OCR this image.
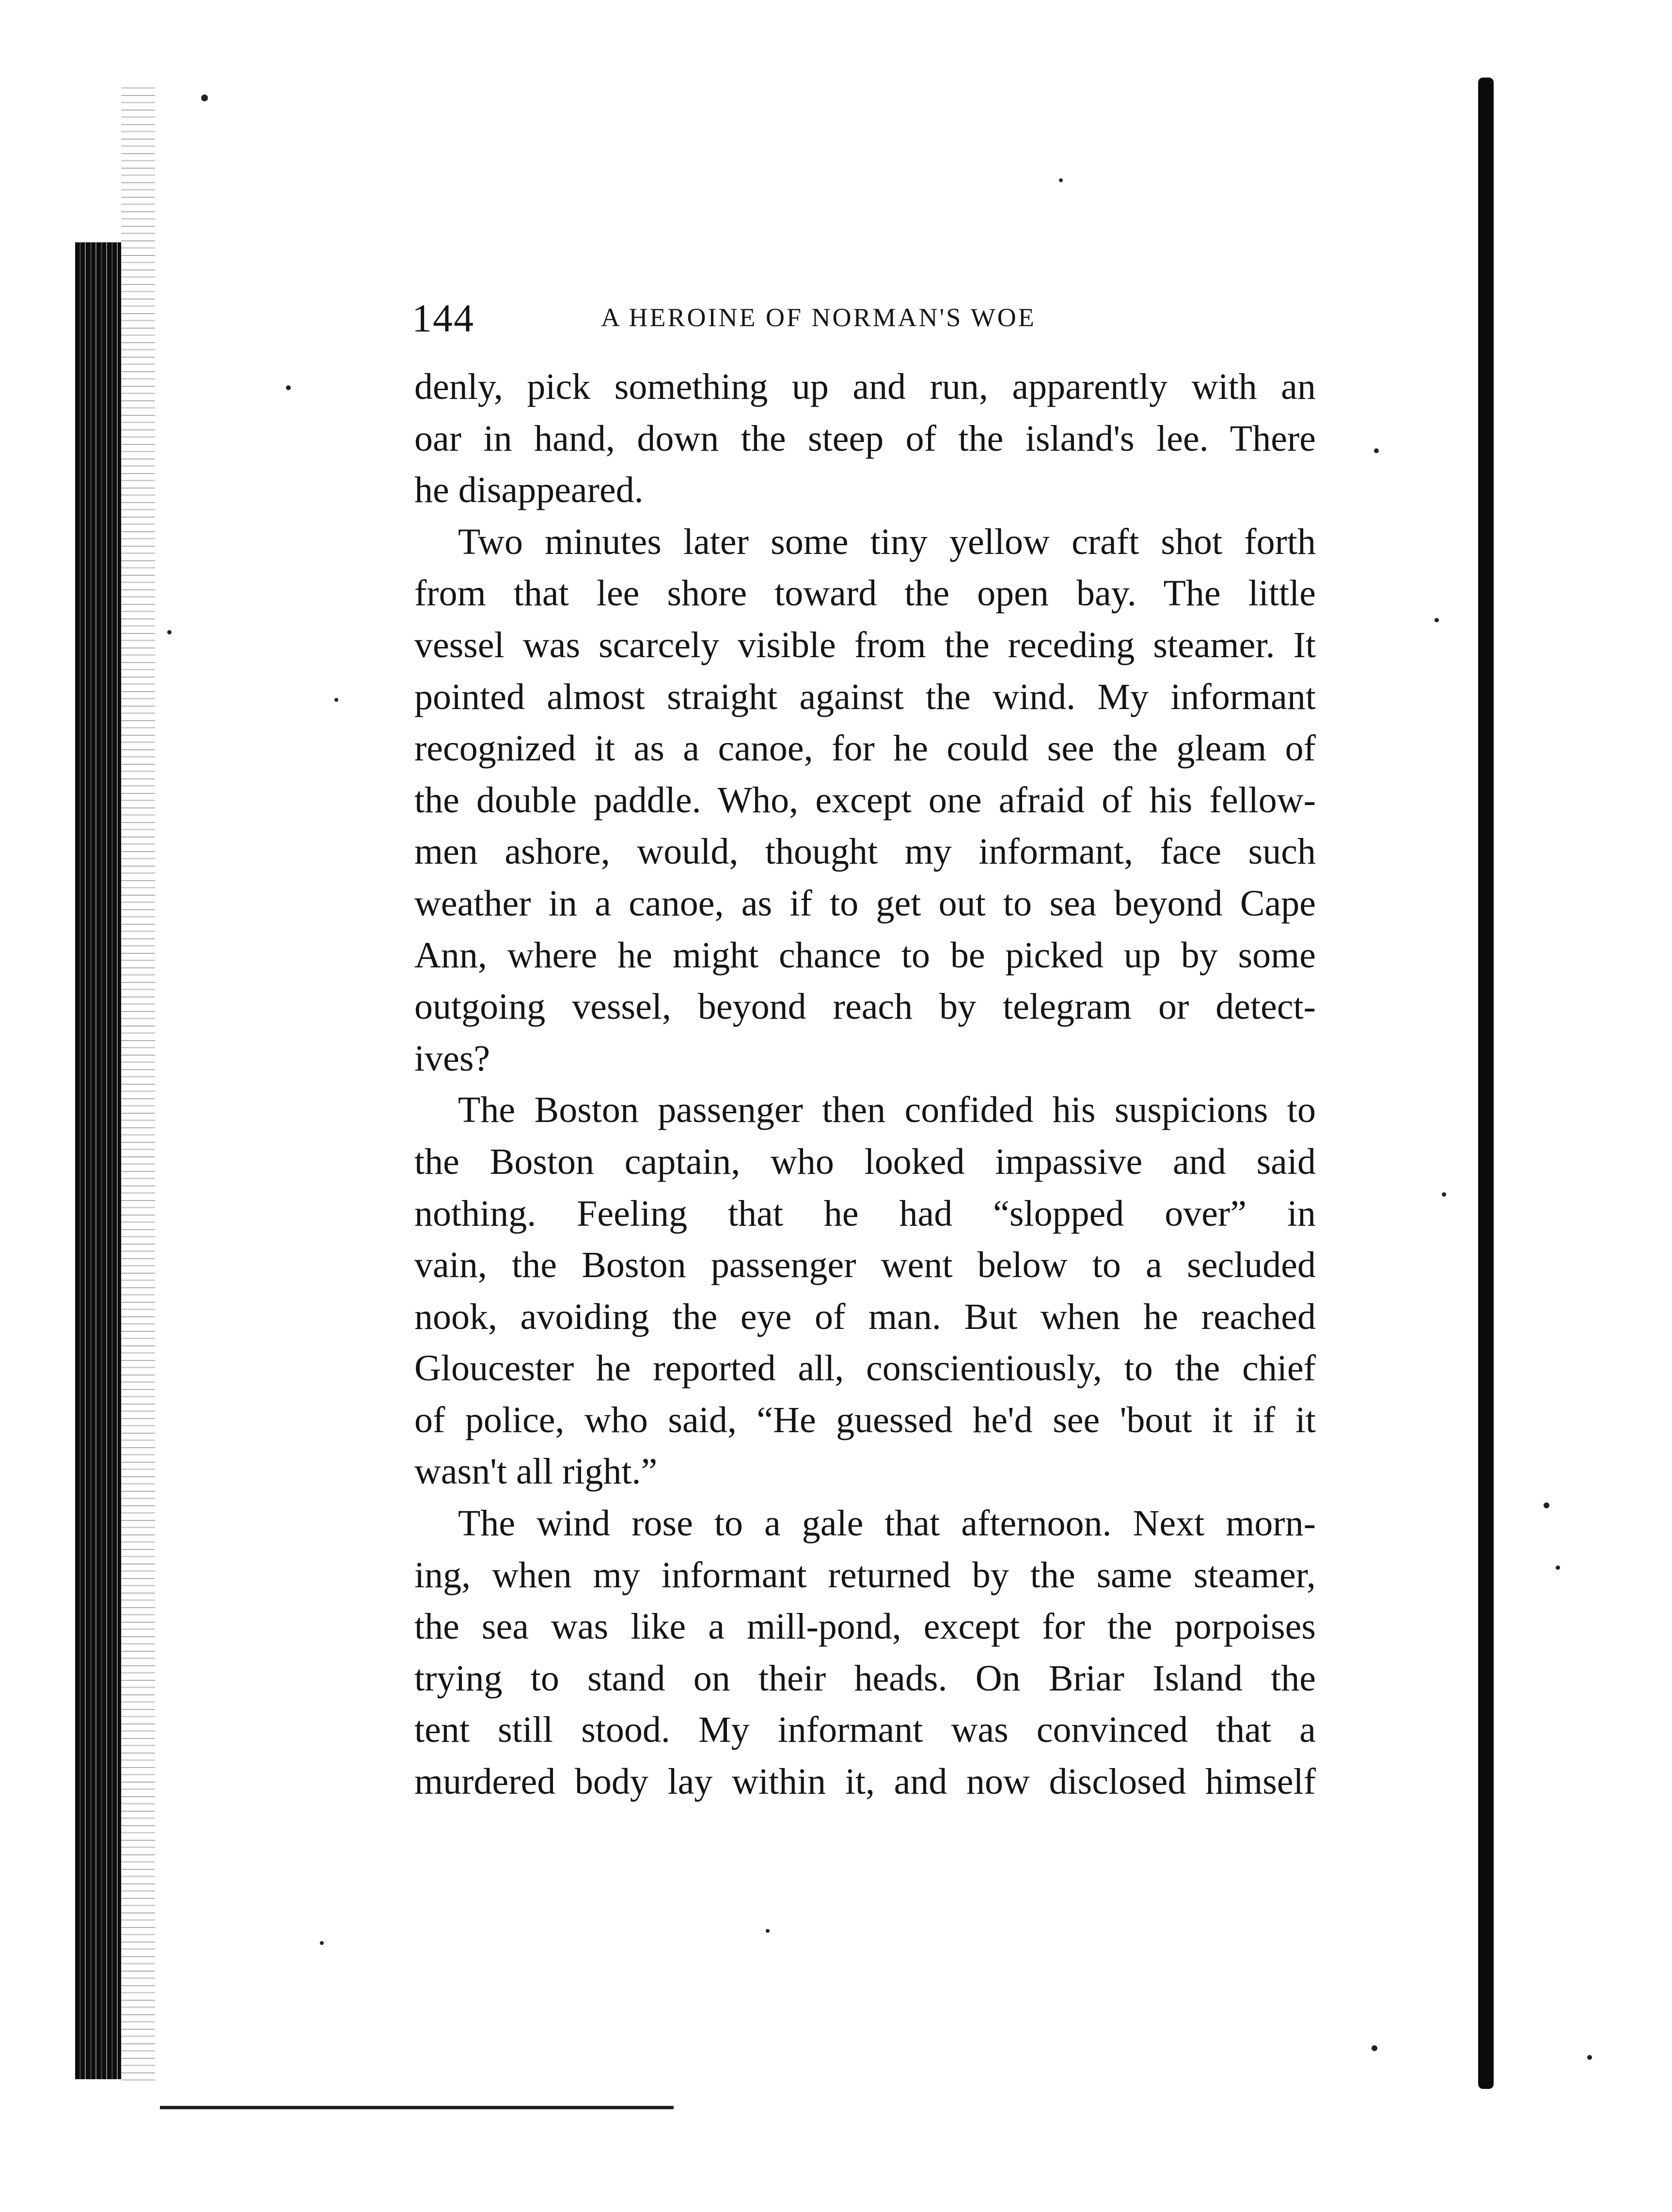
144	A HEROINE OF NORMAN'S WOE
denly, pick something up and run, apparently with an
oar in hand, down the steep of the island's lee. There
he disappeared.
Two minutes later some tiny yellow craft shot forth
from that lee shore toward the open bay. The little
vessel was scarcely visible from the receding steamer. It
pointed almost straight against the wind. My informant
recognized it as a canoe, for he could see the gleam of
the double paddle. Who, except one afraid of his fellow-
men ashore, would, thought my informant, face such
weather in a canoe, as if to get out to sea beyond Cape
Ann, where he might chance to be picked up by some
outgoing vessel, beyond reach by telegram or detect-
ives?
The Boston passenger then confided his suspicions to
the Boston captain, who looked impassive and said
nothing. Feeling that he had “slopped over” in
vain, the Boston passenger went below to a secluded
nook, avoiding the eye of man. But when he reached
Gloucester he reported all, conscientiously, to the chief
of police, who said, “He guessed he'd see 'bout it if it
wasn't all right.”
The wind rose to a gale that afternoon. Next morn-
ing, when my informant returned by the same steamer,
the sea was like a mill-pond, except for the porpoises
trying to stand on their heads. On Briar Island the
tent still stood. My informant was convinced that a
murdered body lay within it, and now disclosed himself
